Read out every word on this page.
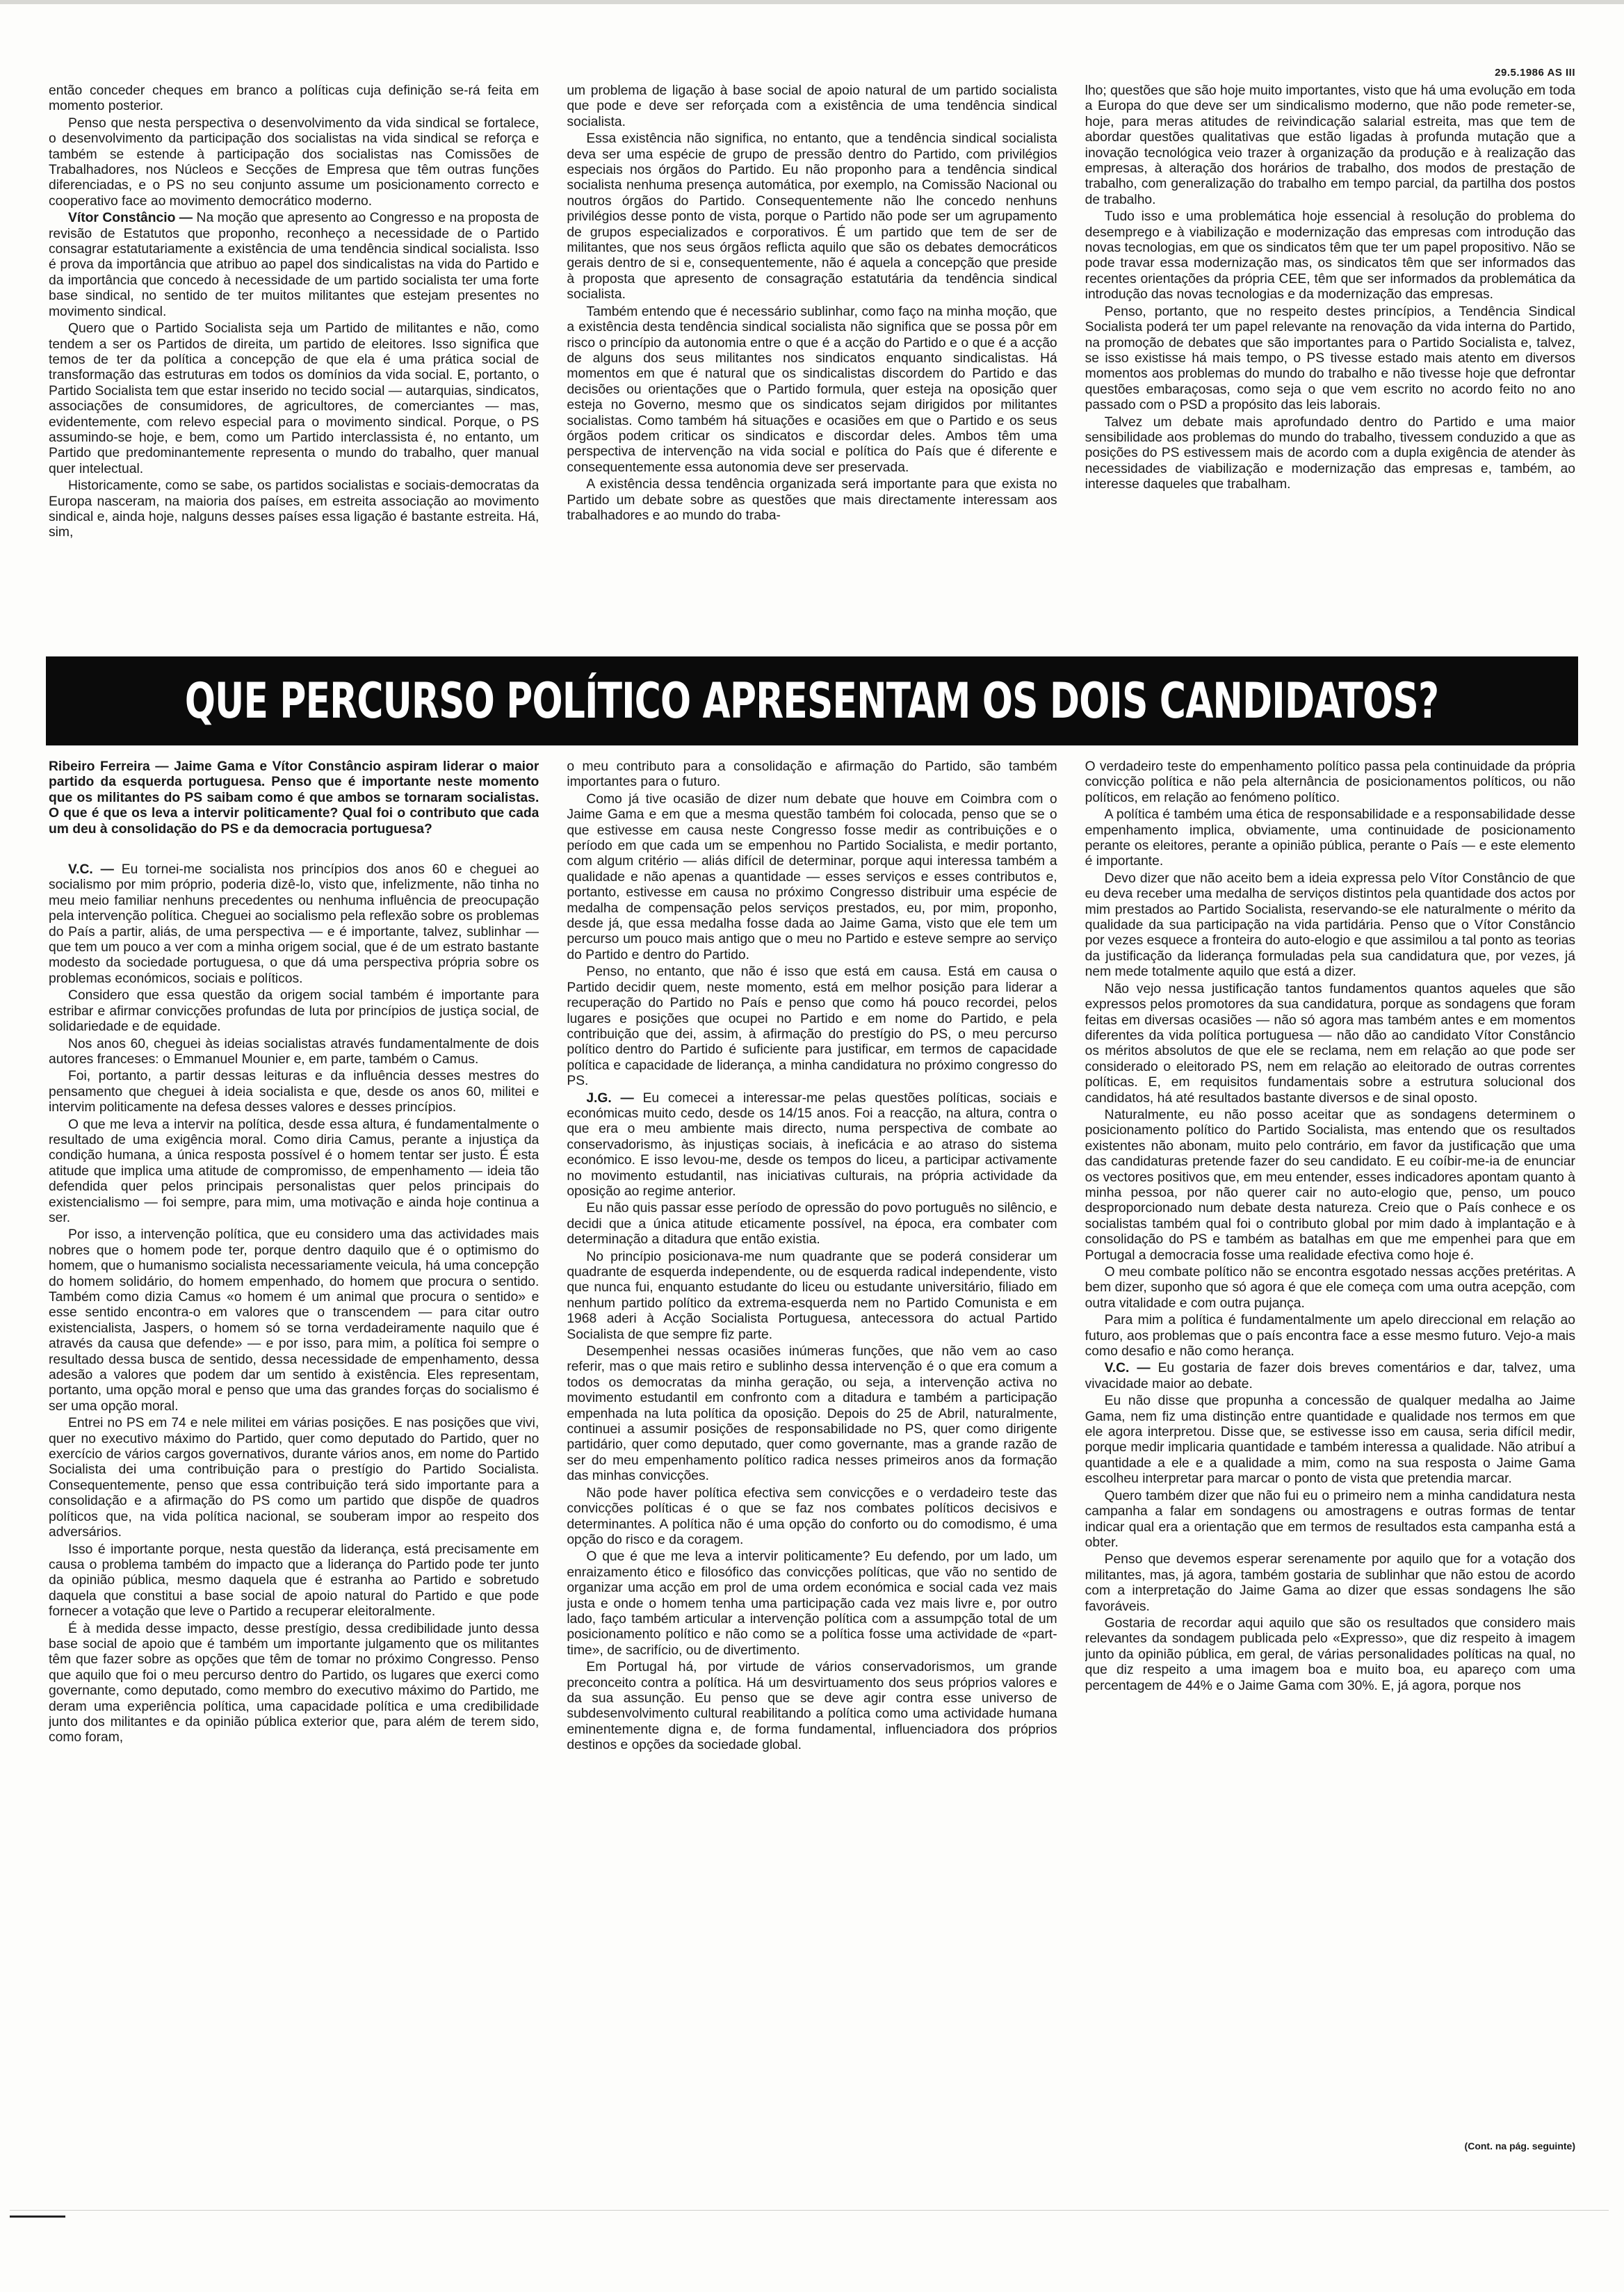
29.5.1986 AS III

então conceder cheques em branco a políticas cuja definição se-rá feita em momento posterior.

Penso que nesta perspectiva o desenvolvimento da vida sindical se fortalece, o desenvolvimento da participação dos socialistas na vida sindical se reforça e também se estende à participação dos socialistas nas Comissões de Trabalhadores, nos Núcleos e Secções de Empresa que têm outras funções diferenciadas, e o PS no seu conjunto assume um posicionamento correcto e cooperativo face ao movimento democrático moderno.

Vítor Constâncio — Na moção que apresento ao Congresso e na proposta de revisão de Estatutos que proponho, reconheço a necessidade de o Partido consagrar estatutariamente a existência de uma tendência sindical socialista. Isso é prova da importância que atribuo ao papel dos sindicalistas na vida do Partido e da importância que concedo à necessidade de um partido socialista ter uma forte base sindical, no sentido de ter muitos militantes que estejam presentes no movimento sindical.

Quero que o Partido Socialista seja um Partido de militantes e não, como tendem a ser os Partidos de direita, um partido de eleitores. Isso significa que temos de ter da política a concepção de que ela é uma prática social de transformação das estruturas em todos os domínios da vida social. E, portanto, o Partido Socialista tem que estar inserido no tecido social — autarquias, sindicatos, associações de consumidores, de agricultores, de comerciantes — mas, evidentemente, com relevo especial para o movimento sindical. Porque, o PS assumindo-se hoje, e bem, como um Partido interclassista é, no entanto, um Partido que predominantemente representa o mundo do trabalho, quer manual quer intelectual.

Historicamente, como se sabe, os partidos socialistas e sociais-democratas da Europa nasceram, na maioria dos países, em estreita associação ao movimento sindical e, ainda hoje, nalguns desses países essa ligação é bastante estreita. Há, sim,

um problema de ligação à base social de apoio natural de um partido socialista que pode e deve ser reforçada com a existência de uma tendência sindical socialista.

Essa existência não significa, no entanto, que a tendência sindical socialista deva ser uma espécie de grupo de pressão dentro do Partido, com privilégios especiais nos órgãos do Partido. Eu não proponho para a tendência sindical socialista nenhuma presença automática, por exemplo, na Comissão Nacional ou noutros órgãos do Partido. Consequentemente não lhe concedo nenhuns privilégios desse ponto de vista, porque o Partido não pode ser um agrupamento de grupos especializados e corporativos. É um partido que tem de ser de militantes, que nos seus órgãos reflicta aquilo que são os debates democráticos gerais dentro de si e, consequentemente, não é aquela a concepção que preside à proposta que apresento de consagração estatutária da tendência sindical socialista.

Também entendo que é necessário sublinhar, como faço na minha moção, que a existência desta tendência sindical socialista não significa que se possa pôr em risco o princípio da autonomia entre o que é a acção do Partido e o que é a acção de alguns dos seus militantes nos sindicatos enquanto sindicalistas. Há momentos em que é natural que os sindicalistas discordem do Partido e das decisões ou orientações que o Partido formula, quer esteja na oposição quer esteja no Governo, mesmo que os sindicatos sejam dirigidos por militantes socialistas. Como também há situações e ocasiões em que o Partido e os seus órgãos podem criticar os sindicatos e discordar deles. Ambos têm uma perspectiva de intervenção na vida social e política do País que é diferente e consequentemente essa autonomia deve ser preservada.

A existência dessa tendência organizada será importante para que exista no Partido um debate sobre as questões que mais directamente interessam aos trabalhadores e ao mundo do traba-

lho; questões que são hoje muito importantes, visto que há uma evolução em toda a Europa do que deve ser um sindicalismo moderno, que não pode remeter-se, hoje, para meras atitudes de reivindicação salarial estreita, mas que tem de abordar questões qualitativas que estão ligadas à profunda mutação que a inovação tecnológica veio trazer à organização da produção e à realização das empresas, à alteração dos horários de trabalho, dos modos de prestação de trabalho, com generalização do trabalho em tempo parcial, da partilha dos postos de trabalho.

Tudo isso e uma problemática hoje essencial à resolução do problema do desemprego e à viabilização e modernização das empresas com introdução das novas tecnologias, em que os sindicatos têm que ter um papel propositivo. Não se pode travar essa modernização mas, os sindicatos têm que ser informados das recentes orientações da própria CEE, têm que ser informados da problemática da introdução das novas tecnologias e da modernização das empresas.

Penso, portanto, que no respeito destes princípios, a Tendência Sindical Socialista poderá ter um papel relevante na renovação da vida interna do Partido, na promoção de debates que são importantes para o Partido Socialista e, talvez, se isso existisse há mais tempo, o PS tivesse estado mais atento em diversos momentos aos problemas do mundo do trabalho e não tivesse hoje que defrontar questões embaraçosas, como seja o que vem escrito no acordo feito no ano passado com o PSD a propósito das leis laborais.

Talvez um debate mais aprofundado dentro do Partido e uma maior sensibilidade aos problemas do mundo do trabalho, tivessem conduzido a que as posições do PS estivessem mais de acordo com a dupla exigência de atender às necessidades de viabilização e modernização das empresas e, também, ao interesse daqueles que trabalham.

QUE PERCURSO POLÍTICO APRESENTAM OS DOIS CANDIDATOS?

Ribeiro Ferreira — Jaime Gama e Vítor Constâncio aspiram liderar o maior partido da esquerda portuguesa. Penso que é importante neste momento que os militantes do PS saibam como é que ambos se tornaram socialistas. O que é que os leva a intervir politicamente? Qual foi o contributo que cada um deu à consolidação do PS e da democracia portuguesa?

V.C. — Eu tornei-me socialista nos princípios dos anos 60 e cheguei ao socialismo por mim próprio, poderia dizê-lo, visto que, infelizmente, não tinha no meu meio familiar nenhuns precedentes ou nenhuma influência de preocupação pela intervenção política. Cheguei ao socialismo pela reflexão sobre os problemas do País a partir, aliás, de uma perspectiva — e é importante, talvez, sublinhar — que tem um pouco a ver com a minha origem social, que é de um estrato bastante modesto da sociedade portuguesa, o que dá uma perspectiva própria sobre os problemas económicos, sociais e políticos.

Considero que essa questão da origem social também é importante para estribar e afirmar convicções profundas de luta por princípios de justiça social, de solidariedade e de equidade.

Nos anos 60, cheguei às ideias socialistas através fundamentalmente de dois autores franceses: o Emmanuel Mounier e, em parte, também o Camus.

Foi, portanto, a partir dessas leituras e da influência desses mestres do pensamento que cheguei à ideia socialista e que, desde os anos 60, militei e intervim politicamente na defesa desses valores e desses princípios.

O que me leva a intervir na política, desde essa altura, é fundamentalmente o resultado de uma exigência moral. Como diria Camus, perante a injustiça da condição humana, a única resposta possível é o homem tentar ser justo. É esta atitude que implica uma atitude de compromisso, de empenhamento — ideia tão defendida quer pelos principais personalistas quer pelos principais do existencialismo — foi sempre, para mim, uma motivação e ainda hoje continua a ser.

Por isso, a intervenção política, que eu considero uma das actividades mais nobres que o homem pode ter, porque dentro daquilo que é o optimismo do homem, que o humanismo socialista necessariamente veicula, há uma concepção do homem solidário, do homem empenhado, do homem que procura o sentido. Também como dizia Camus «o homem é um animal que procura o sentido» e esse sentido encontra-o em valores que o transcendem — para citar outro existencialista, Jaspers, o homem só se torna verdadeiramente naquilo que é através da causa que defende» — e por isso, para mim, a política foi sempre o resultado dessa busca de sentido, dessa necessidade de empenhamento, dessa adesão a valores que podem dar um sentido à existência. Eles representam, portanto, uma opção moral e penso que uma das grandes forças do socialismo é ser uma opção moral.

Entrei no PS em 74 e nele militei em várias posições. E nas posições que vivi, quer no executivo máximo do Partido, quer como deputado do Partido, quer no exercício de vários cargos governativos, durante vários anos, em nome do Partido Socialista dei uma contribuição para o prestígio do Partido Socialista. Consequentemente, penso que essa contribuição terá sido importante para a consolidação e a afirmação do PS como um partido que dispõe de quadros políticos que, na vida política nacional, se souberam impor ao respeito dos adversários.

Isso é importante porque, nesta questão da liderança, está precisamente em causa o problema também do impacto que a liderança do Partido pode ter junto da opinião pública, mesmo daquela que é estranha ao Partido e sobretudo daquela que constitui a base social de apoio natural do Partido e que pode fornecer a votação que leve o Partido a recuperar eleitoralmente.

É à medida desse impacto, desse prestígio, dessa credibilidade junto dessa base social de apoio que é também um importante julgamento que os militantes têm que fazer sobre as opções que têm de tomar no próximo Congresso. Penso que aquilo que foi o meu percurso dentro do Partido, os lugares que exerci como governante, como deputado, como membro do executivo máximo do Partido, me deram uma experiência política, uma capacidade política e uma credibilidade junto dos militantes e da opinião pública exterior que, para além de terem sido, como foram,

o meu contributo para a consolidação e afirmação do Partido, são também importantes para o futuro.

Como já tive ocasião de dizer num debate que houve em Coimbra com o Jaime Gama e em que a mesma questão também foi colocada, penso que se o que estivesse em causa neste Congresso fosse medir as contribuições e o período em que cada um se empenhou no Partido Socialista, e medir portanto, com algum critério — aliás difícil de determinar, porque aqui interessa também a qualidade e não apenas a quantidade — esses serviços e esses contributos e, portanto, estivesse em causa no próximo Congresso distribuir uma espécie de medalha de compensação pelos serviços prestados, eu, por mim, proponho, desde já, que essa medalha fosse dada ao Jaime Gama, visto que ele tem um percurso um pouco mais antigo que o meu no Partido e esteve sempre ao serviço do Partido e dentro do Partido.

Penso, no entanto, que não é isso que está em causa. Está em causa o Partido decidir quem, neste momento, está em melhor posição para liderar a recuperação do Partido no País e penso que como há pouco recordei, pelos lugares e posições que ocupei no Partido e em nome do Partido, e pela contribuição que dei, assim, à afirmação do prestígio do PS, o meu percurso político dentro do Partido é suficiente para justificar, em termos de capacidade política e capacidade de liderança, a minha candidatura no próximo congresso do PS.

J.G. — Eu comecei a interessar-me pelas questões políticas, sociais e económicas muito cedo, desde os 14/15 anos. Foi a reacção, na altura, contra o que era o meu ambiente mais directo, numa perspectiva de combate ao conservadorismo, às injustiças sociais, à ineficácia e ao atraso do sistema económico. E isso levou-me, desde os tempos do liceu, a participar activamente no movimento estudantil, nas iniciativas culturais, na própria actividade da oposição ao regime anterior.

Eu não quis passar esse período de opressão do povo português no silêncio, e decidi que a única atitude eticamente possível, na época, era combater com determinação a ditadura que então existia.

No princípio posicionava-me num quadrante que se poderá considerar um quadrante de esquerda independente, ou de esquerda radical independente, visto que nunca fui, enquanto estudante do liceu ou estudante universitário, filiado em nenhum partido político da extrema-esquerda nem no Partido Comunista e em 1968 aderi à Acção Socialista Portuguesa, antecessora do actual Partido Socialista de que sempre fiz parte.

Desempenhei nessas ocasiões inúmeras funções, que não vem ao caso referir, mas o que mais retiro e sublinho dessa intervenção é o que era comum a todos os democratas da minha geração, ou seja, a intervenção activa no movimento estudantil em confronto com a ditadura e também a participação empenhada na luta política da oposição. Depois do 25 de Abril, naturalmente, continuei a assumir posições de responsabilidade no PS, quer como dirigente partidário, quer como deputado, quer como governante, mas a grande razão de ser do meu empenhamento político radica nesses primeiros anos da formação das minhas convicções.

Não pode haver política efectiva sem convicções e o verdadeiro teste das convicções políticas é o que se faz nos combates políticos decisivos e determinantes. A política não é uma opção do conforto ou do comodismo, é uma opção do risco e da coragem.

O que é que me leva a intervir politicamente? Eu defendo, por um lado, um enraizamento ético e filosófico das convicções políticas, que vão no sentido de organizar uma acção em prol de uma ordem económica e social cada vez mais justa e onde o homem tenha uma participação cada vez mais livre e, por outro lado, faço também articular a intervenção política com a assumpção total de um posicionamento político e não como se a política fosse uma actividade de «part-time», de sacrifício, ou de divertimento.

Em Portugal há, por virtude de vários conservadorismos, um grande preconceito contra a política. Há um desvirtuamento dos seus próprios valores e da sua assunção. Eu penso que se deve agir contra esse universo de subdesenvolvimento cultural reabilitando a política como uma actividade humana eminentemente digna e, de forma fundamental, influenciadora dos próprios destinos e opções da sociedade global.

O verdadeiro teste do empenhamento político passa pela continuidade da própria convicção política e não pela alternância de posicionamentos políticos, ou não políticos, em relação ao fenómeno político.

A política é também uma ética de responsabilidade e a responsabilidade desse empenhamento implica, obviamente, uma continuidade de posicionamento perante os eleitores, perante a opinião pública, perante o País — e este elemento é importante.

Devo dizer que não aceito bem a ideia expressa pelo Vítor Constâncio de que eu deva receber uma medalha de serviços distintos pela quantidade dos actos por mim prestados ao Partido Socialista, reservando-se ele naturalmente o mérito da qualidade da sua participação na vida partidária. Penso que o Vítor Constâncio por vezes esquece a fronteira do auto-elogio e que assimilou a tal ponto as teorias da justificação da liderança formuladas pela sua candidatura que, por vezes, já nem mede totalmente aquilo que está a dizer.

Não vejo nessa justificação tantos fundamentos quantos aqueles que são expressos pelos promotores da sua candidatura, porque as sondagens que foram feitas em diversas ocasiões — não só agora mas também antes e em momentos diferentes da vida política portuguesa — não dão ao candidato Vítor Constâncio os méritos absolutos de que ele se reclama, nem em relação ao que pode ser considerado o eleitorado PS, nem em relação ao eleitorado de outras correntes políticas. E, em requisitos fundamentais sobre a estrutura solucional dos candidatos, há até resultados bastante diversos e de sinal oposto.

Naturalmente, eu não posso aceitar que as sondagens determinem o posicionamento político do Partido Socialista, mas entendo que os resultados existentes não abonam, muito pelo contrário, em favor da justificação que uma das candidaturas pretende fazer do seu candidato. E eu coíbir-me-ia de enunciar os vectores positivos que, em meu entender, esses indicadores apontam quanto à minha pessoa, por não querer cair no auto-elogio que, penso, um pouco desproporcionado num debate desta natureza. Creio que o País conhece e os socialistas também qual foi o contributo global por mim dado à implantação e à consolidação do PS e também as batalhas em que me empenhei para que em Portugal a democracia fosse uma realidade efectiva como hoje é.

O meu combate político não se encontra esgotado nessas acções pretéritas. A bem dizer, suponho que só agora é que ele começa com uma outra acepção, com outra vitalidade e com outra pujança.

Para mim a política é fundamentalmente um apelo direccional em relação ao futuro, aos problemas que o país encontra face a esse mesmo futuro. Vejo-a mais como desafio e não como herança.

V.C. — Eu gostaria de fazer dois breves comentários e dar, talvez, uma vivacidade maior ao debate.

Eu não disse que propunha a concessão de qualquer medalha ao Jaime Gama, nem fiz uma distinção entre quantidade e qualidade nos termos em que ele agora interpretou. Disse que, se estivesse isso em causa, seria difícil medir, porque medir implicaria quantidade e também interessa a qualidade. Não atribuí a quantidade a ele e a qualidade a mim, como na sua resposta o Jaime Gama escolheu interpretar para marcar o ponto de vista que pretendia marcar.

Quero também dizer que não fui eu o primeiro nem a minha candidatura nesta campanha a falar em sondagens ou amostragens e outras formas de tentar indicar qual era a orientação que em termos de resultados esta campanha está a obter.

Penso que devemos esperar serenamente por aquilo que for a votação dos militantes, mas, já agora, também gostaria de sublinhar que não estou de acordo com a interpretação do Jaime Gama ao dizer que essas sondagens lhe são favoráveis.

Gostaria de recordar aqui aquilo que são os resultados que considero mais relevantes da sondagem publicada pelo «Expresso», que diz respeito à imagem junto da opinião pública, em geral, de várias personalidades políticas na qual, no que diz respeito a uma imagem boa e muito boa, eu apareço com uma percentagem de 44% e o Jaime Gama com 30%. E, já agora, porque nos

(Cont. na pág. seguinte)
